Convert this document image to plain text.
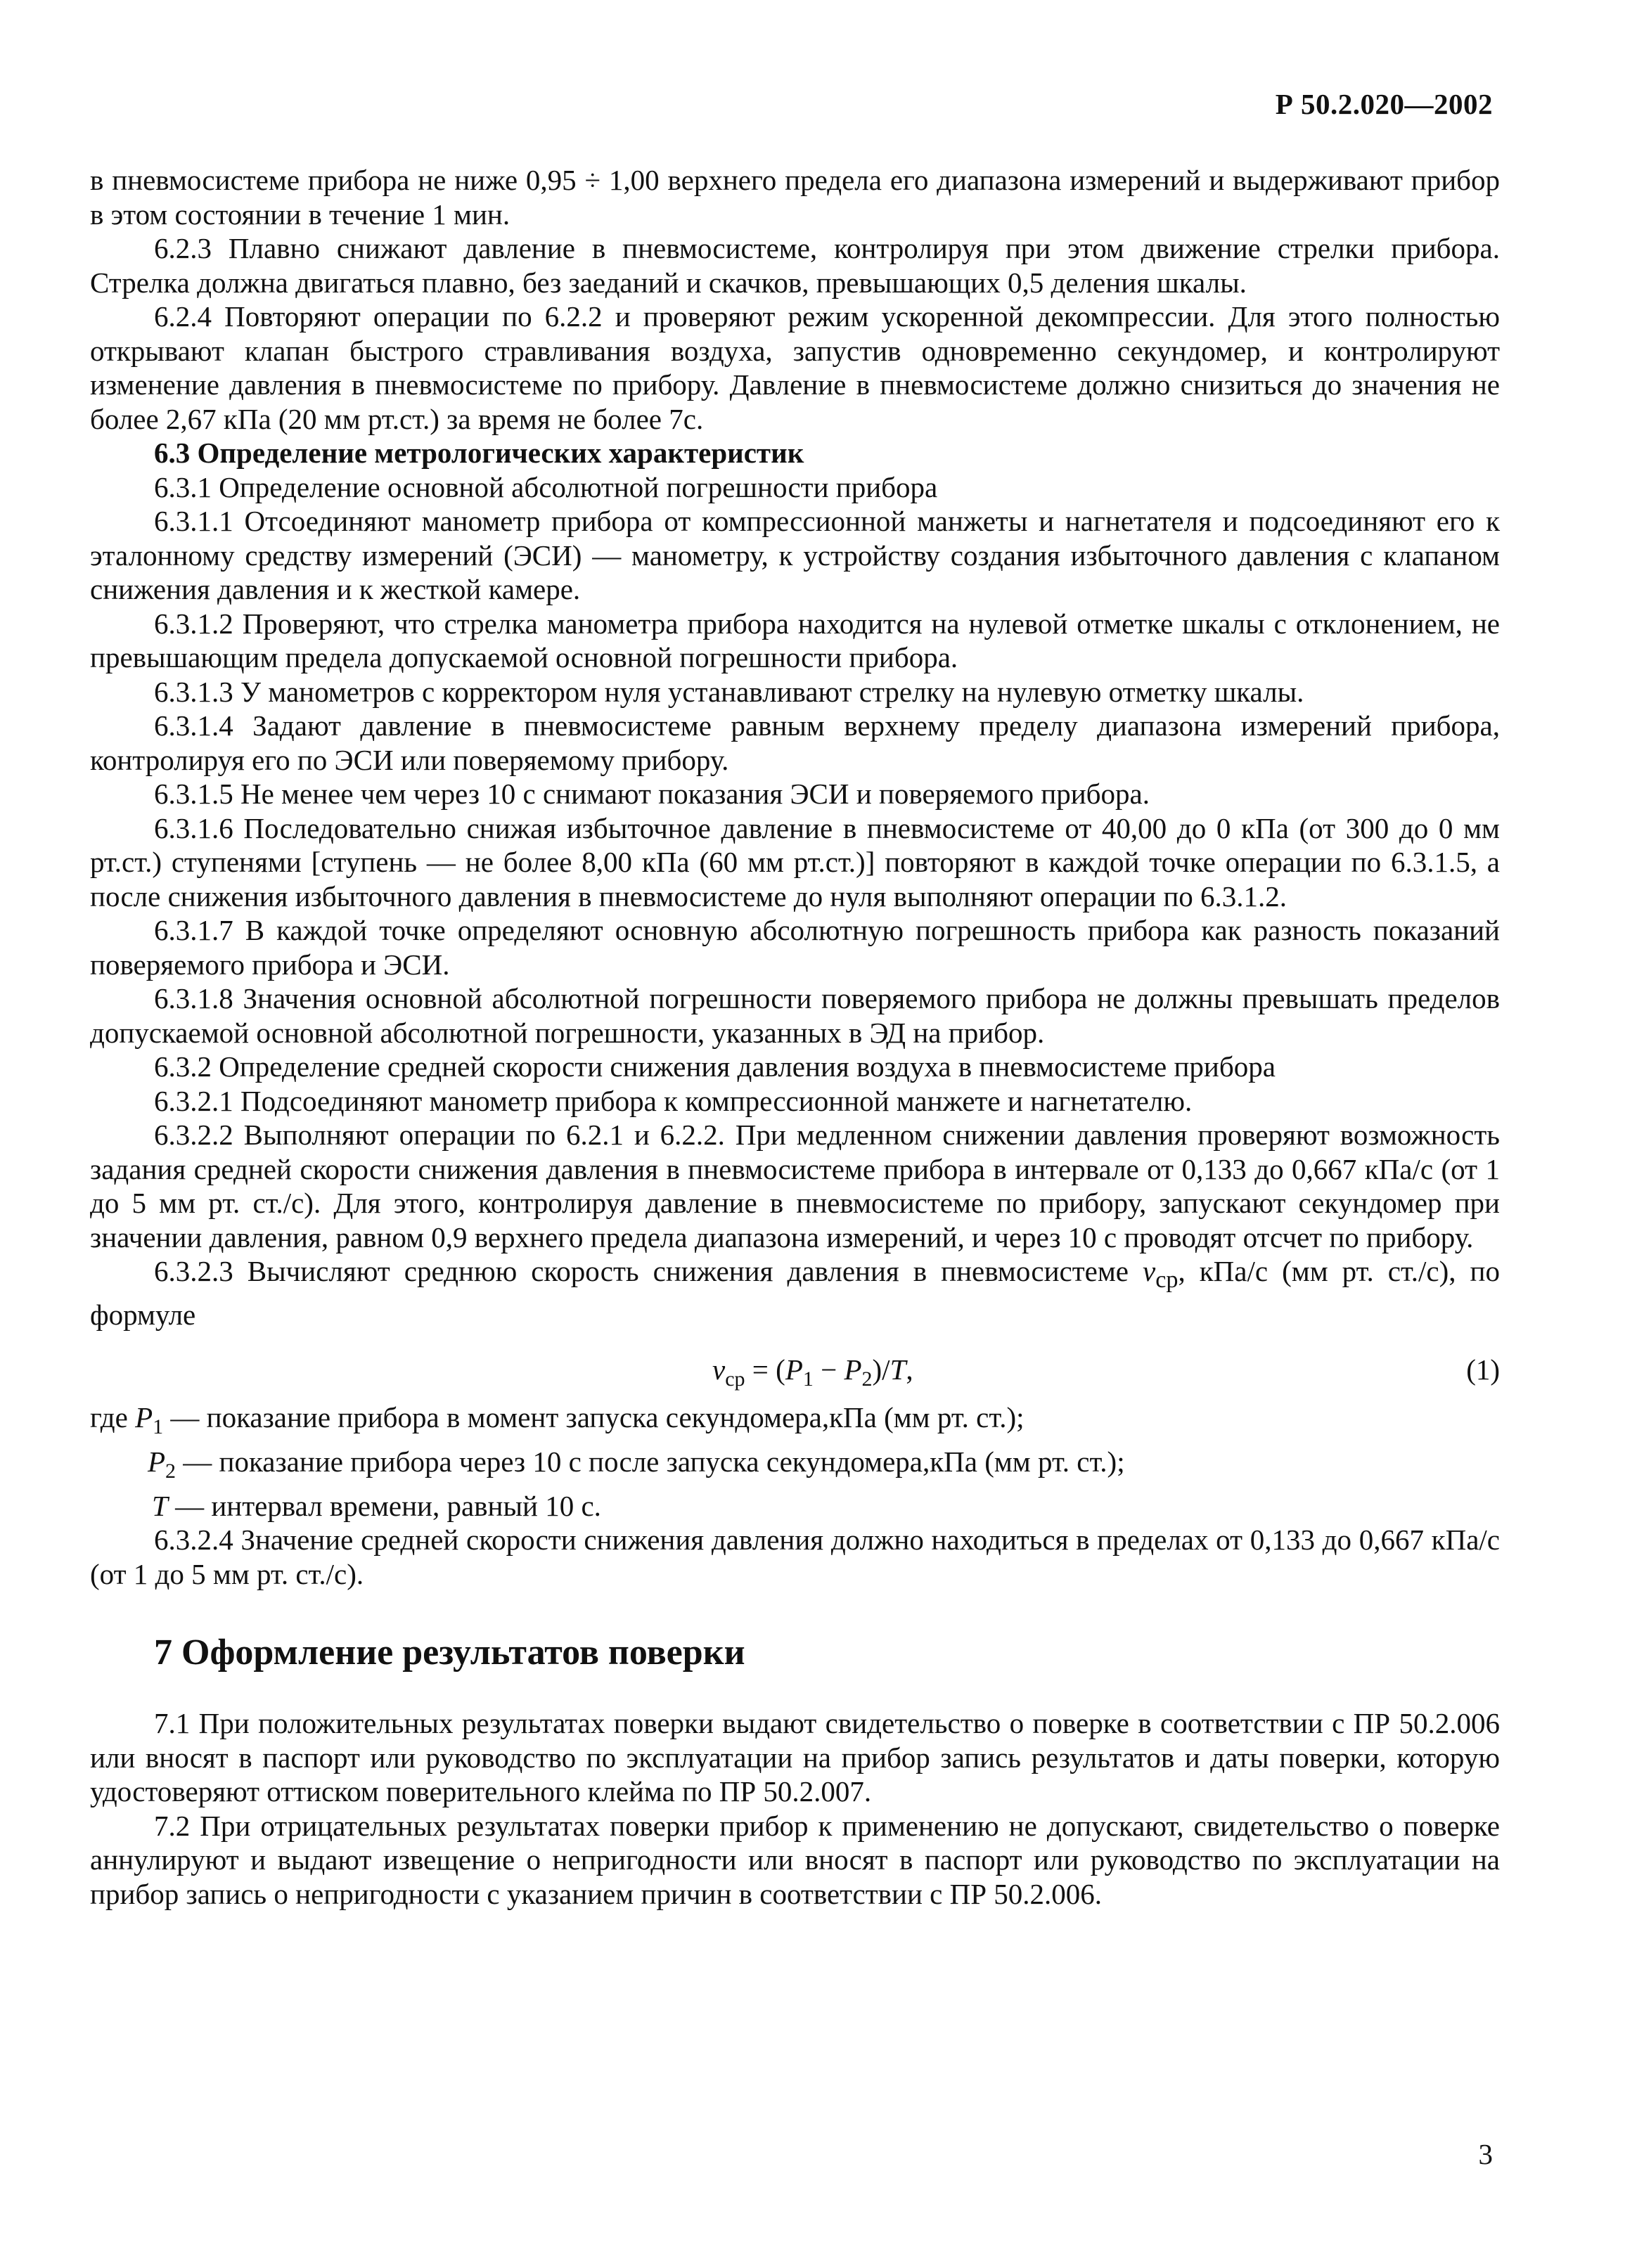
Р 50.2.020—2002

в пневмосистеме прибора не ниже 0,95 ÷ 1,00 верхнего предела его диапазона измерений и выдерживают прибор в этом состоянии в течение 1 мин.

6.2.3 Плавно снижают давление в пневмосистеме, контролируя при этом движение стрелки прибора. Стрелка должна двигаться плавно, без заеданий и скачков, превышающих 0,5 деления шкалы.

6.2.4 Повторяют операции по 6.2.2 и проверяют режим ускоренной декомпрессии. Для этого полностью открывают клапан быстрого стравливания воздуха, запустив одновременно секундомер, и контролируют изменение давления в пневмосистеме по прибору. Давление в пневмосистеме должно снизиться до значения не более 2,67 кПа (20 мм рт.ст.) за время не более 7с.

6.3 Определение метрологических характеристик

6.3.1 Определение основной абсолютной погрешности прибора

6.3.1.1 Отсоединяют манометр прибора от компрессионной манжеты и нагнетателя и подсоединяют его к эталонному средству измерений (ЭСИ) — манометру, к устройству создания избыточного давления с клапаном снижения давления и к жесткой камере.

6.3.1.2 Проверяют, что стрелка манометра прибора находится на нулевой отметке шкалы с отклонением, не превышающим предела допускаемой основной погрешности прибора.

6.3.1.3 У манометров с корректором нуля устанавливают стрелку на нулевую отметку шкалы.

6.3.1.4 Задают давление в пневмосистеме равным верхнему пределу диапазона измерений прибора, контролируя его по ЭСИ или поверяемому прибору.

6.3.1.5 Не менее чем через 10 с снимают показания ЭСИ и поверяемого прибора.

6.3.1.6 Последовательно снижая избыточное давление в пневмосистеме от 40,00 до 0 кПа (от 300 до 0 мм рт.ст.) ступенями [ступень — не более 8,00 кПа (60 мм рт.ст.)] повторяют в каждой точке операции по 6.3.1.5, а после снижения избыточного давления в пневмосистеме до нуля выполняют операции по 6.3.1.2.

6.3.1.7 В каждой точке определяют основную абсолютную погрешность прибора как разность показаний поверяемого прибора и ЭСИ.

6.3.1.8 Значения основной абсолютной погрешности поверяемого прибора не должны превышать пределов допускаемой основной абсолютной погрешности, указанных в ЭД на прибор.

6.3.2 Определение средней скорости снижения давления воздуха в пневмосистеме прибора

6.3.2.1 Подсоединяют манометр прибора к компрессионной манжете и нагнетателю.

6.3.2.2 Выполняют операции по 6.2.1 и 6.2.2. При медленном снижении давления проверяют возможность задания средней скорости снижения давления в пневмосистеме прибора в интервале от 0,133 до 0,667 кПа/с (от 1 до 5 мм рт. ст./с). Для этого, контролируя давление в пневмосистеме по прибору, запускают секундомер при значении давления, равном 0,9 верхнего предела диапазона измерений, и через 10 с проводят отсчет по прибору.

6.3.2.3 Вычисляют среднюю скорость снижения давления в пневмосистеме $v_{ср}$, кПа/с (мм рт. ст./с), по формуле

$v_{ср} = (P_1 - P_2)/T$,	(1)

где $P_1$ — показание прибора в момент запуска секундомера,кПа (мм рт. ст.);

$P_2$ — показание прибора через 10 с после запуска секундомера,кПа (мм рт. ст.);

T — интервал времени, равный 10 с.

6.3.2.4 Значение средней скорости снижения давления должно находиться в пределах от 0,133 до 0,667 кПа/с (от 1 до 5 мм рт. ст./с).

7 Оформление результатов поверки

7.1 При положительных результатах поверки выдают свидетельство о поверке в соответствии с ПР 50.2.006 или вносят в паспорт или руководство по эксплуатации на прибор запись результатов и даты поверки, которую удостоверяют оттиском поверительного клейма по ПР 50.2.007.

7.2 При отрицательных результатах поверки прибор к применению не допускают, свидетельство о поверке аннулируют и выдают извещение о непригодности или вносят в паспорт или руководство по эксплуатации на прибор запись о непригодности с указанием причин в соответствии с ПР 50.2.006.

3
